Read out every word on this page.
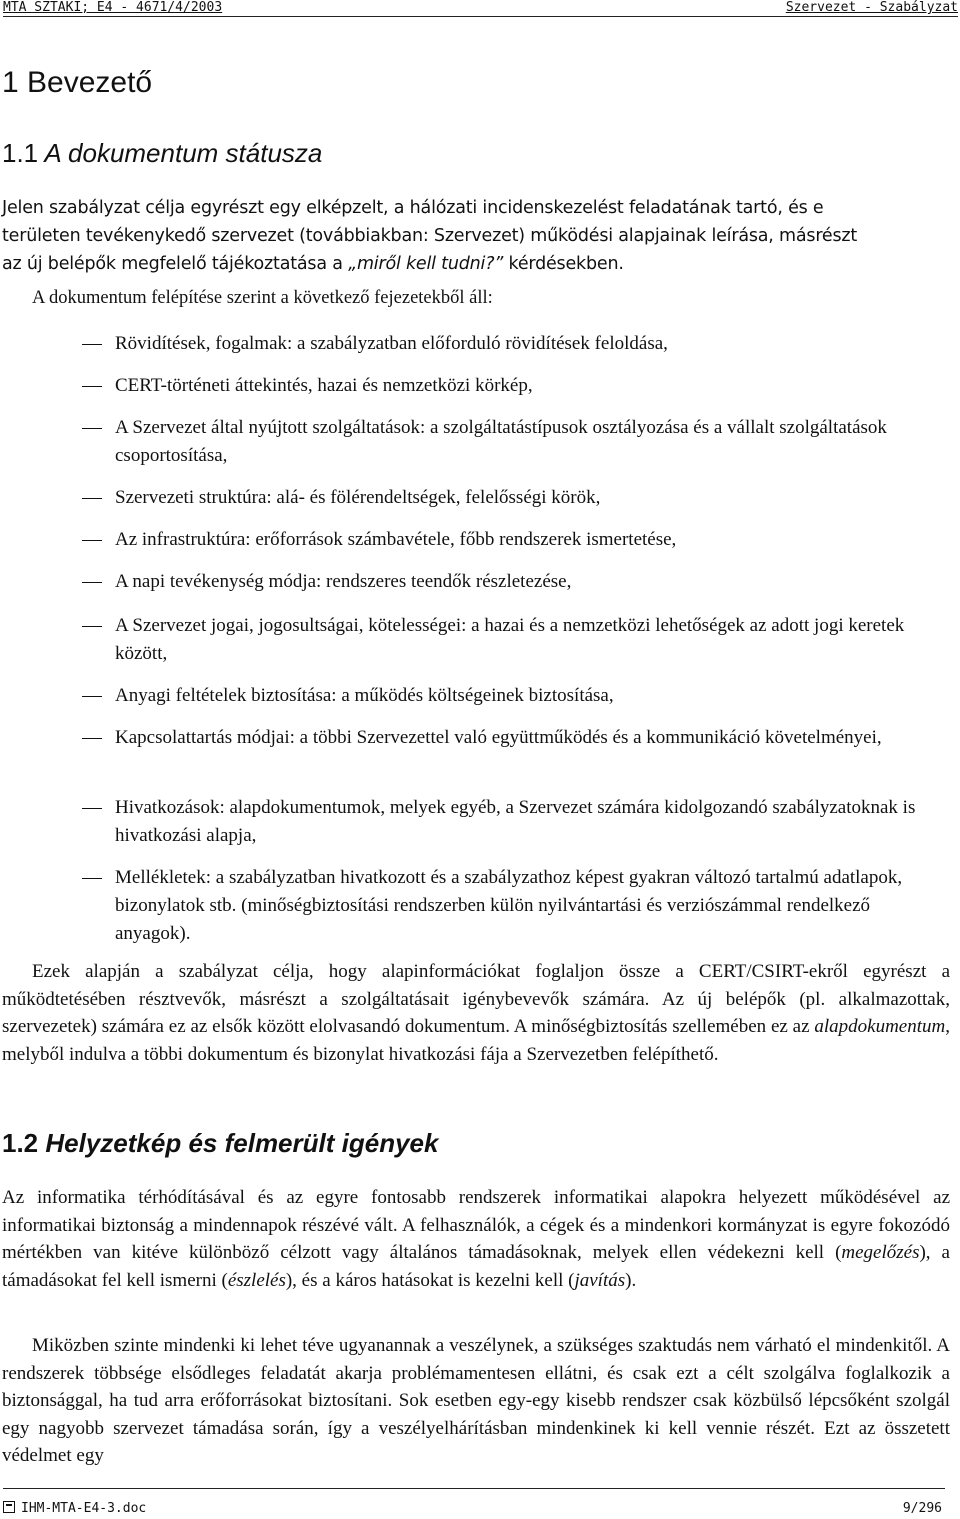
MTA SZTAKI; E4 - 4671/4/2003	Szervezet - Szabályzat
1 Bevezető
1.1 A dokumentum státusza

Jelen szabályzat célja egyrészt egy elképzelt, a hálózati incidenskezelést feladatának tartó, és e
területen tevékenykedő szervezet (továbbiakban: Szervezet) működési alapjainak leírása, másrészt
az új belépők megfelelő tájékoztatása a „miről kell tudni?” kérdésekben.

A dokumentum felépítése szerint a következő fejezetekből áll:

Rövidítések, fogalmak: a szabályzatban előforduló rövidítések feloldása,
CERT-történeti áttekintés, hazai és nemzetközi körkép,
A Szervezet által nyújtott szolgáltatások: a szolgáltatástípusok osztályozása és a vállalt szolgáltatások csoportosítása,
Szervezeti struktúra: alá- és fölérendeltségek, felelősségi körök,
Az infrastruktúra: erőforrások számbavétele, főbb rendszerek ismertetése,
A napi tevékenység módja: rendszeres teendők részletezése,
A Szervezet jogai, jogosultságai, kötelességei: a hazai és a nemzetközi lehetőségek az adott jogi keretek között,
Anyagi feltételek biztosítása: a működés költségeinek biztosítása,
Kapcsolattartás módjai: a többi Szervezettel való együttműködés és a kommunikáció követelményei,
Hivatkozások: alapdokumentumok, melyek egyéb, a Szervezet számára kidolgozandó szabályzatoknak is hivatkozási alapja,
Mellékletek: a szabályzatban hivatkozott és a szabályzathoz képest gyakran változó tartalmú adatlapok, bizonylatok stb. (minőségbiztosítási rendszerben külön nyilvántartási és verziószámmal rendelkező anyagok).

Ezek alapján a szabályzat célja, hogy alapinformációkat foglaljon össze a CERT/CSIRT-ekről egyrészt a működtetésében résztvevők, másrészt a szolgáltatásait igénybevevők számára. Az új belépők (pl. alkalmazottak, szervezetek) számára ez az elsők között elolvasandó dokumentum. A minőségbiztosítás szellemében ez az alapdokumentum, melyből indulva a többi dokumentum és bizonylat hivatkozási fája a Szervezetben felépíthető.

1.2 Helyzetkép és felmerült igények

Az informatika térhódításával és az egyre fontosabb rendszerek informatikai alapokra helyezett működésével az informatikai biztonság a mindennapok részévé vált. A felhasználók, a cégek és a mindenkori kormányzat is egyre fokozódó mértékben van kitéve különböző célzott vagy általános támadásoknak, melyek ellen védekezni kell (megelőzés), a támadásokat fel kell ismerni (észlelés), és a káros hatásokat is kezelni kell (javítás).

Miközben szinte mindenki ki lehet téve ugyanannak a veszélynek, a szükséges szaktudás nem várható el mindenkitől. A rendszerek többsége elsődleges feladatát akarja problémamentesen ellátni, és csak ezt a célt szolgálva foglalkozik a biztonsággal, ha tud arra erőforrásokat biztosítani. Sok esetben egy-egy kisebb rendszer csak közbülső lépcsőként szolgál egy nagyobb szervezet támadása során, így a veszélyelhárításban mindenkinek ki kell vennie részét. Ezt az összetett védelmet egy

IHM-MTA-E4-3.doc	9/296
